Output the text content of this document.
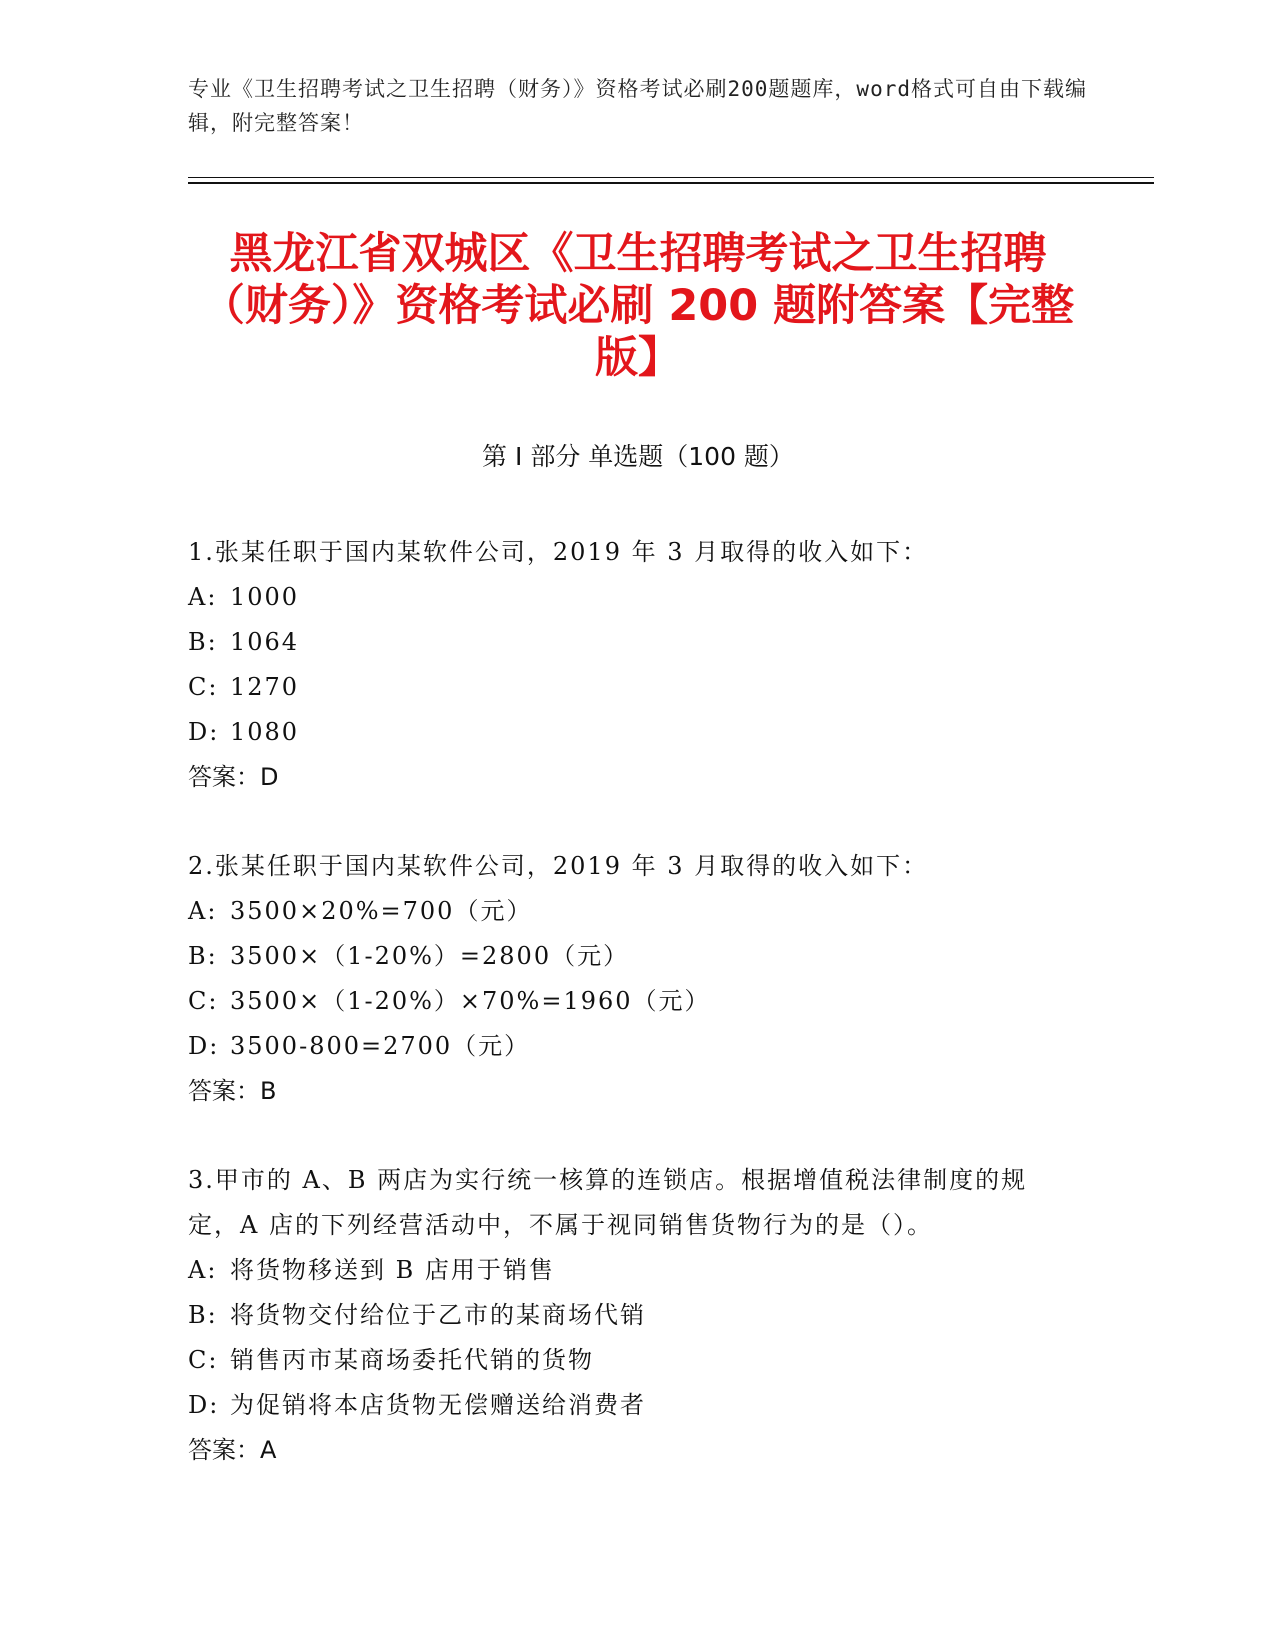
专业《卫生招聘考试之卫生招聘（财务）》资格考试必刷200题题库，word格式可自由下载编辑，附完整答案！
黑龙江省双城区《卫生招聘考试之卫生招聘（财务）》资格考试必刷 200 题附答案【完整版】
第 I 部分 单选题（100 题）
1.张某任职于国内某软件公司，2019 年 3 月取得的收入如下：
A: 1000
B: 1064
C: 1270
D: 1080
答案：D
2.张某任职于国内某软件公司，2019 年 3 月取得的收入如下：
A: 3500×20%=700（元）
B: 3500×（1-20%）=2800（元）
C: 3500×（1-20%）×70%=1960（元）
D: 3500-800=2700（元）
答案：B
3.甲市的 A、B 两店为实行统一核算的连锁店。根据增值税法律制度的规定，A 店的下列经营活动中，不属于视同销售货物行为的是（）。
A: 将货物移送到 B 店用于销售
B: 将货物交付给位于乙市的某商场代销
C: 销售丙市某商场委托代销的货物
D: 为促销将本店货物无偿赠送给消费者
答案：A
